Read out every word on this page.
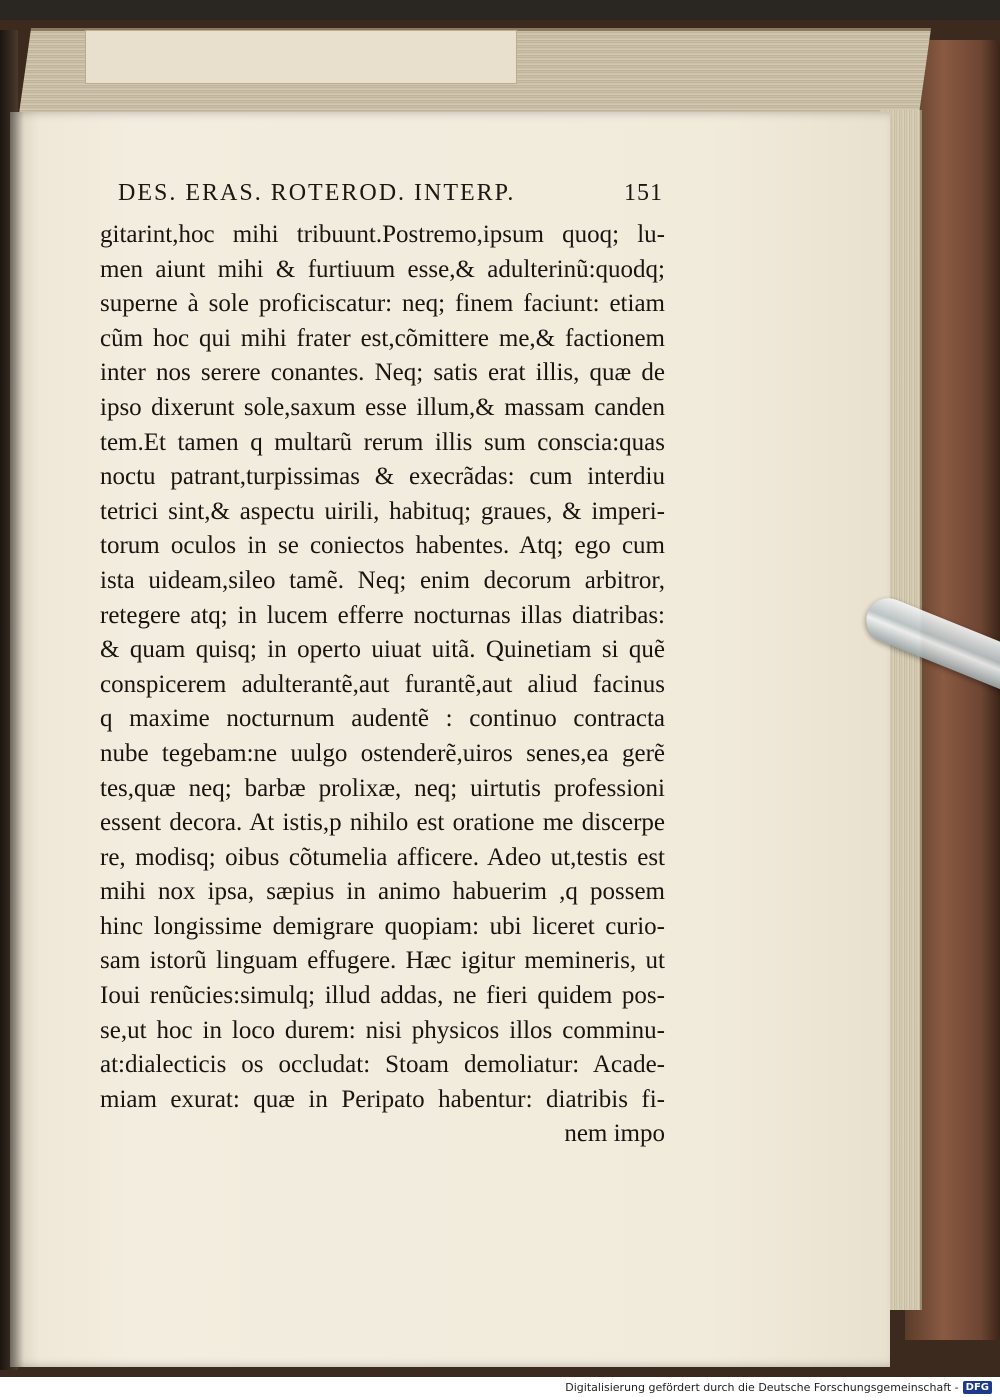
DES. ERAS. ROTEROD. INTERP.	151
gitarint,hoc mihi tribuunt.Postremo,ipsum quoq; lu-
men aiunt mihi & furtiuum esse,& adulterinũ:quodq;
superne à sole proficiscatur: neq; finem faciunt: etiam
cũm hoc qui mihi frater est,cõmittere me,& factionem
inter nos serere conantes. Neq; satis erat illis, quæ de
ipso dixerunt sole,saxum esse illum,& massam canden
tem.Et tamen q multarũ rerum illis sum conscia:quas
noctu patrant,turpissimas & execrãdas: cum interdiu
tetrici sint,& aspectu uirili, habituq; graues, & imperi-
torum oculos in se coniectos habentes. Atq; ego cum
ista uideam,sileo tamẽ. Neq; enim decorum arbitror,
retegere atq; in lucem efferre nocturnas illas diatribas:
& quam quisq; in operto uiuat uitã. Quinetiam si quẽ
conspicerem adulterantẽ,aut furantẽ,aut aliud facinus
q maxime nocturnum audentẽ : continuo contracta
nube tegebam:ne uulgo ostenderẽ,uiros senes,ea gerẽ
tes,quæ neq; barbæ prolixæ, neq; uirtutis professioni
essent decora. At istis,p nihilo est oratione me discerpe
re, modisq; oibus cõtumelia afficere. Adeo ut,testis est
mihi nox ipsa, sæpius in animo habuerim ,q possem
hinc longissime demigrare quopiam: ubi liceret curio-
sam istorũ linguam effugere. Hæc igitur memineris, ut
Ioui renũcies:simulq; illud addas, ne fieri quidem pos-
se,ut hoc in loco durem: nisi physicos illos comminu-
at:dialecticis os occludat: Stoam demoliatur: Acade-
miam exurat: quæ in Peripato habentur: diatribis fi-
nem impo
Digitalisierung gefördert durch die Deutsche Forschungsgemeinschaft - DFG
